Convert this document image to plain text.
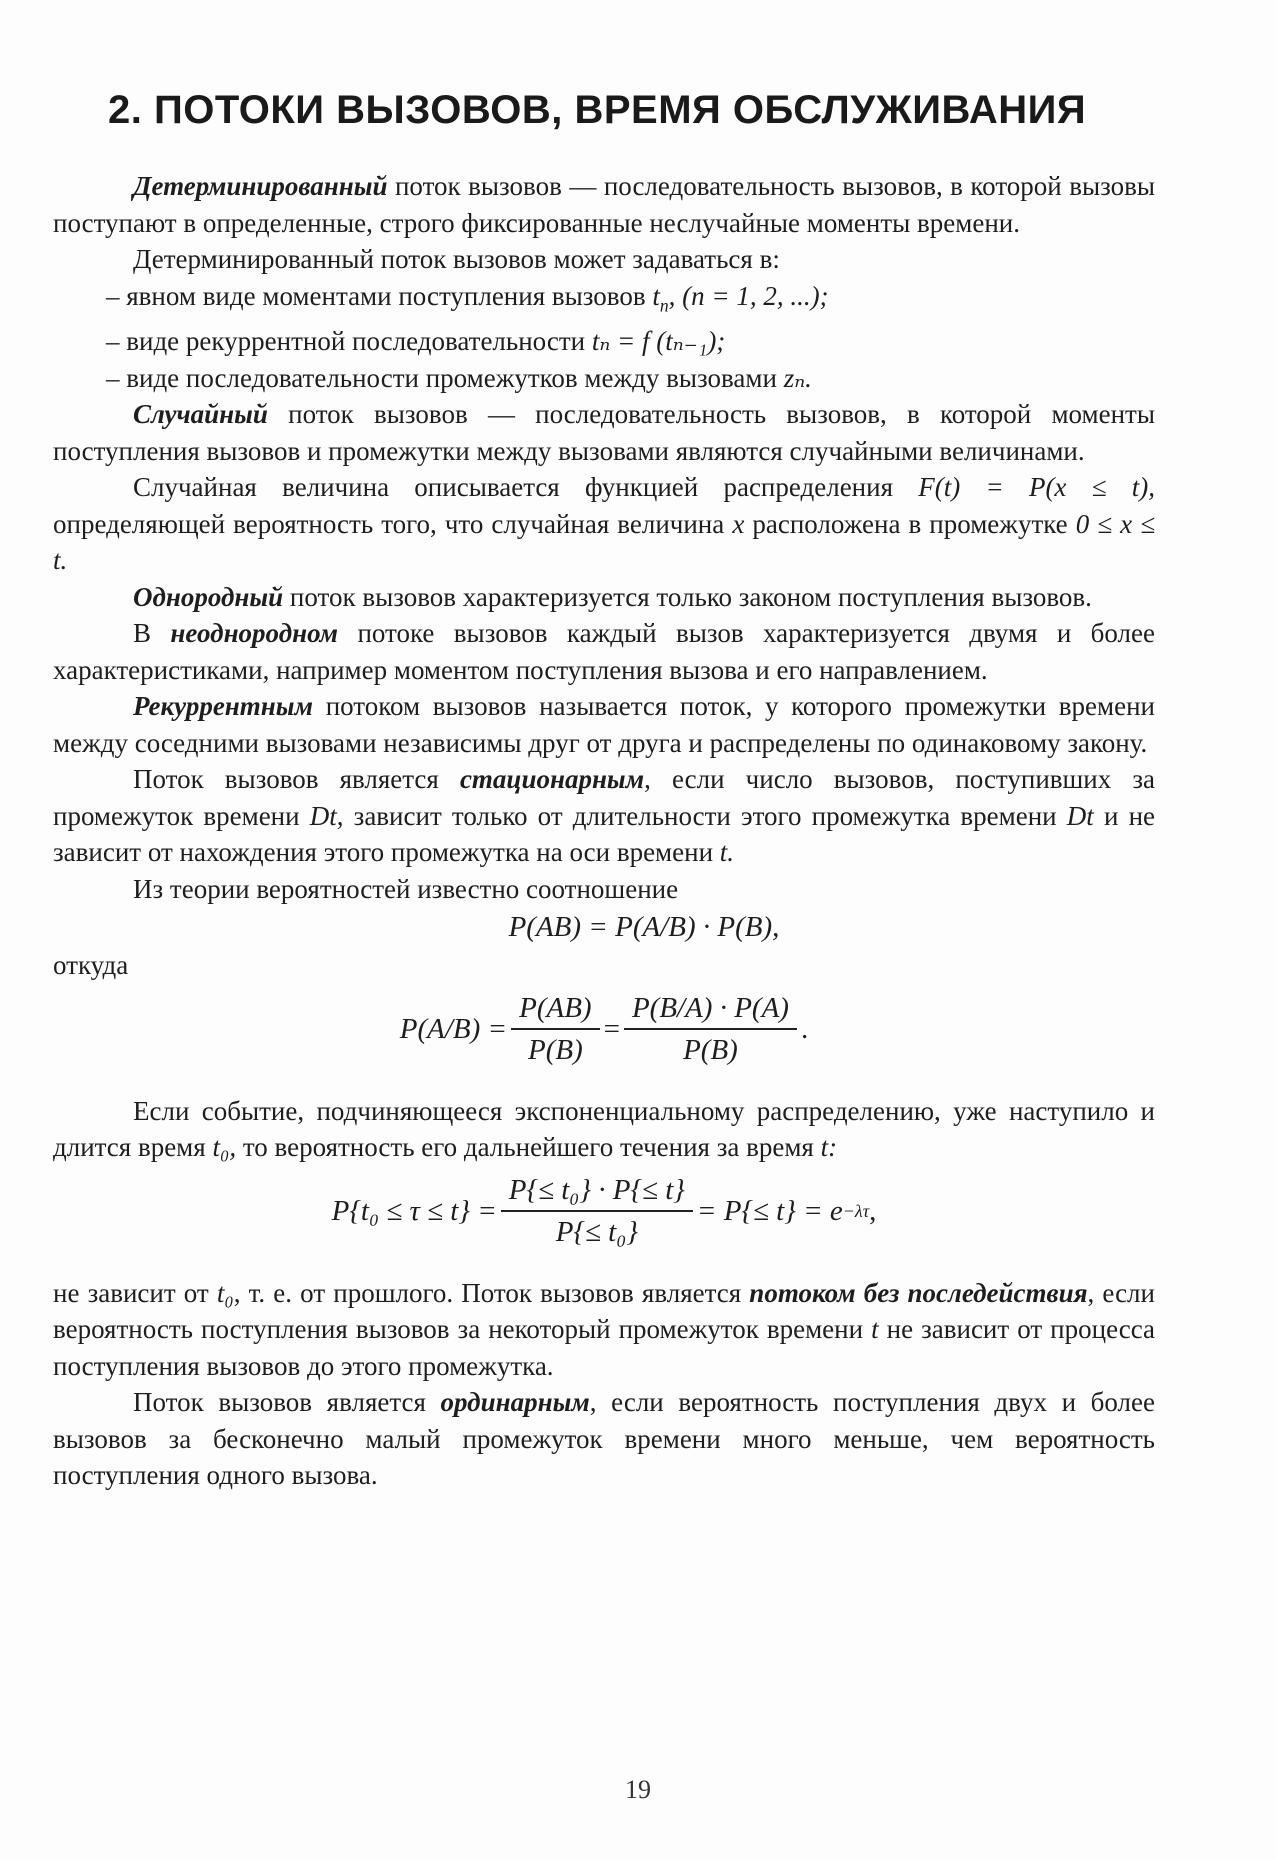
2. ПОТОКИ ВЫЗОВОВ, ВРЕМЯ ОБСЛУЖИВАНИЯ

Детерминированный поток вызовов — последовательность вызовов, в которой вызовы поступают в определенные, строго фиксированные неслучайные моменты времени.

Детерминированный поток вызовов может задаваться в:

– явном виде моментами поступления вызовов $t_n$, (n = 1, 2, ...);

– виде рекуррентной последовательности tₙ = f (tₙ₋₁);

– виде последовательности промежутков между вызовами zₙ.

Случайный поток вызовов — последовательность вызовов, в которой моменты поступления вызовов и промежутки между вызовами являются случайными величинами.

Случайная величина описывается функцией распределения F(t) = P(x ≤ t), определяющей вероятность того, что случайная величина x расположена в промежутке 0 ≤ x ≤ t.

Однородный поток вызовов характеризуется только законом поступления вызовов.

В неоднородном потоке вызовов каждый вызов характеризуется двумя и более характеристиками, например моментом поступления вызова и его направлением.

Рекуррентным потоком вызовов называется поток, у которого промежутки времени между соседними вызовами независимы друг от друга и распределены по одинаковому закону.

Поток вызовов является стационарным, если число вызовов, поступивших за промежуток времени Dt, зависит только от длительности этого промежутка времени Dt и не зависит от нахождения этого промежутка на оси времени t.

Из теории вероятностей известно соотношение

P(AB) = P(A/B) · P(B),

откуда

$P(A/B) = \frac{P(AB)}{P(B)} = \frac{P(B/A) \cdot P(A)}{P(B)}$ .

Если событие, подчиняющееся экспоненциальному распределению, уже наступило и длится время t₀, то вероятность его дальнейшего течения за время t:

$P\{t_0 \le \tau \le t\} = \frac{\text{P\{≤ t₀\} · P\{≤ t\}}}{\text{P\{≤ t₀\}}} = P\{\le t\} = e -\lambda\tau$ ,

не зависит от t₀, т. е. от прошлого. Поток вызовов является потоком без последействия, если вероятность поступления вызовов за некоторый промежуток времени t не зависит от процесса поступления вызовов до этого промежутка.

Поток вызовов является ординарным, если вероятность поступления двух и более вызовов за бесконечно малый промежуток времени много меньше, чем вероятность поступления одного вызова.

19
